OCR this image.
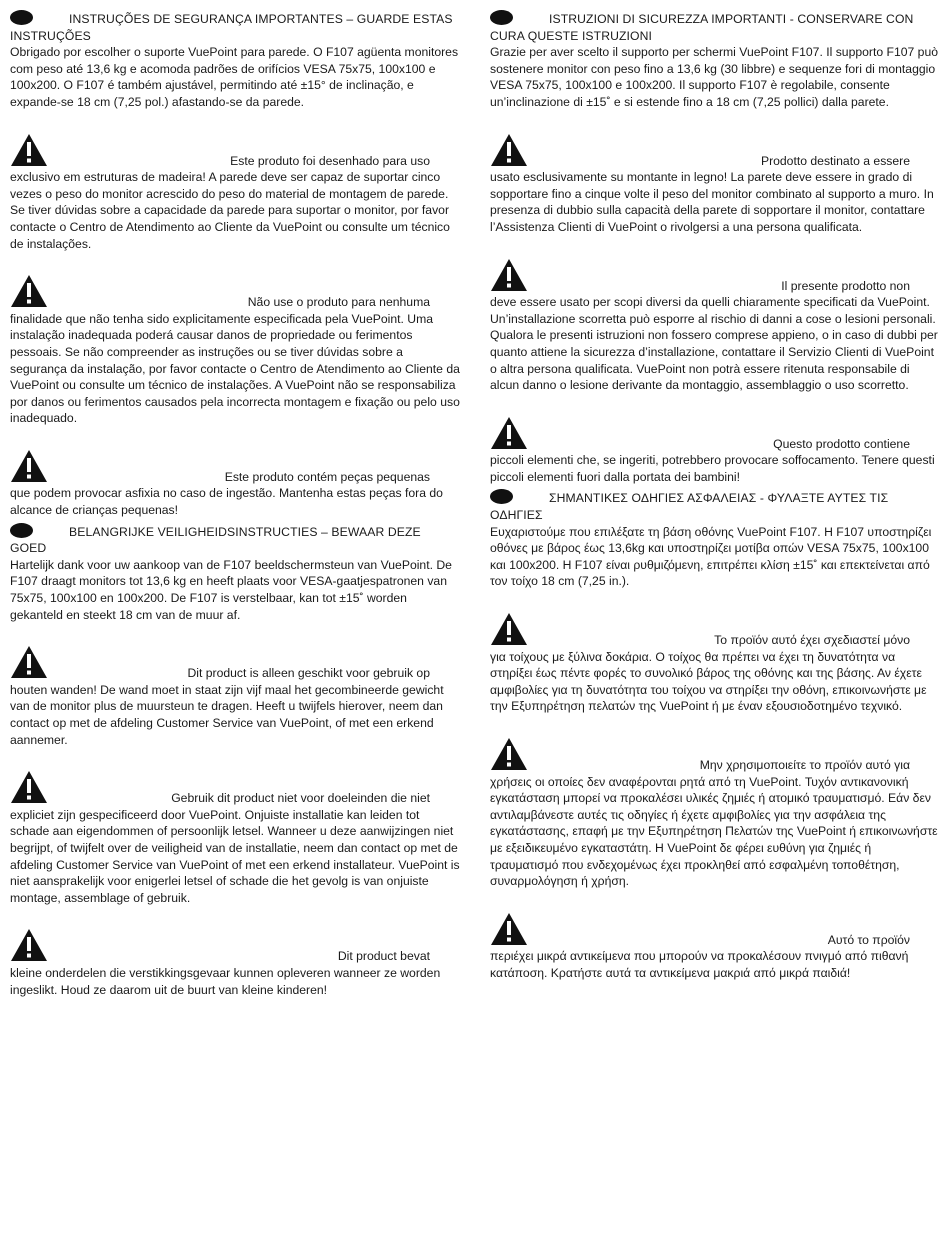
INSTRUÇÕES DE SEGURANÇA IMPORTANTES – GUARDE ESTAS INSTRUÇÕES

Obrigado por escolher o suporte VuePoint para parede. O F107 agüenta monitores com peso até 13,6 kg e acomoda padrões de orifícios VESA 75x75, 100x100 e 100x200. O F107 é também ajustável, permitindo até ±15° de inclinação, e expande-se 18 cm (7,25 pol.) afastando-se da parede.

Este produto foi desenhado para uso

exclusivo em estruturas de madeira! A parede deve ser capaz de suportar cinco vezes o peso do monitor acrescido do peso do material de montagem de parede. Se tiver dúvidas sobre a capacidade da parede para suportar o monitor, por favor contacte o Centro de Atendimento ao Cliente da VuePoint ou consulte um técnico de instalações.

Não use o produto para nenhuma

finalidade que não tenha sido explicitamente especificada pela VuePoint. Uma instalação inadequada poderá causar danos de propriedade ou ferimentos pessoais. Se não compreender as instruções ou se tiver dúvidas sobre a segurança da instalação, por favor contacte o Centro de Atendimento ao Cliente da VuePoint ou consulte um técnico de instalações. A VuePoint não se responsabiliza por danos ou ferimentos causados pela incorrecta montagem e fixação ou pelo uso inadequado.

Este produto contém peças pequenas

que podem provocar asfixia no caso de ingestão. Mantenha estas peças fora do alcance de crianças pequenas!

BELANGRIJKE VEILIGHEIDSINSTRUCTIES – BEWAAR DEZE GOED

Hartelijk dank voor uw aankoop van de F107 beeldschermsteun van VuePoint. De F107 draagt monitors tot 13,6 kg en heeft plaats voor VESA-gaatjespatronen van 75x75, 100x100 en 100x200. De F107 is verstelbaar, kan tot ±15˚ worden gekanteld en steekt 18 cm van de muur af.

Dit product is alleen geschikt voor gebruik op

houten wanden! De wand moet in staat zijn vijf maal het gecombineerde gewicht van de monitor plus de muursteun te dragen. Heeft u twijfels hierover, neem dan contact op met de afdeling Customer Service van VuePoint, of met een erkend aannemer.

Gebruik dit product niet voor doeleinden die niet

expliciet zijn gespecificeerd door VuePoint. Onjuiste installatie kan leiden tot schade aan eigendommen of persoonlijk letsel. Wanneer u deze aanwijzingen niet begrijpt, of twijfelt over de veiligheid van de installatie, neem dan contact op met de afdeling Customer Service van VuePoint of met een erkend installateur. VuePoint is niet aansprakelijk voor enigerlei letsel of schade die het gevolg is van onjuiste montage, assemblage of gebruik.

Dit product bevat

kleine onderdelen die verstikkingsgevaar kunnen opleveren wanneer ze worden ingeslikt. Houd ze daarom uit de buurt van kleine kinderen!

ISTRUZIONI DI SICUREZZA IMPORTANTI - CONSERVARE CON CURA QUESTE ISTRUZIONI

Grazie per aver scelto il supporto per schermi VuePoint F107. Il supporto F107 può sostenere monitor con peso fino a 13,6 kg (30 libbre) e sequenze fori di montaggio VESA 75x75, 100x100 e 100x200. Il supporto F107 è regolabile, consente un’inclinazione di ±15˚ e si estende fino a 18 cm (7,25 pollici) dalla parete.

Prodotto destinato a essere

usato esclusivamente su montante in legno! La parete deve essere in grado di sopportare fino a cinque volte il peso del monitor combinato al supporto a muro. In presenza di dubbio sulla capacità della parete di sopportare il monitor, contattare l’Assistenza Clienti di VuePoint o rivolgersi a una persona qualificata.

Il presente prodotto non

deve essere usato per scopi diversi da quelli chiaramente specificati da VuePoint. Un’installazione scorretta può esporre al rischio di danni a cose o lesioni personali. Qualora le presenti istruzioni non fossero comprese appieno, o in caso di dubbi per quanto attiene la sicurezza d’installazione, contattare il Servizio Clienti di VuePoint o altra persona qualificata. VuePoint non potrà essere ritenuta responsabile di alcun danno o lesione derivante da montaggio, assemblaggio o uso scorretto.

Questo prodotto contiene

piccoli elementi che, se ingeriti, potrebbero provocare soffocamento. Tenere questi piccoli elementi fuori dalla portata dei bambini!

ΣΗΜΑΝΤΙΚΕΣ ΟΔΗΓΙΕΣ ΑΣΦΑΛΕΙΑΣ - ΦΥΛΑΞΤΕ ΑΥΤΕΣ ΤΙΣ ΟΔΗΓΙΕΣ

Ευχαριστούμε που επιλέξατε τη βάση οθόνης VuePoint F107. Η F107 υποστηρίζει οθόνες με βάρος έως 13,6kg και υποστηρίζει μοτίβα οπών VESA 75x75, 100x100 και 100x200. Η F107 είναι ρυθμιζόμενη, επιτρέπει κλίση ±15˚ και επεκτείνεται από τον τοίχο 18 cm (7,25 in.).

Το προϊόν αυτό έχει σχεδιαστεί μόνο

για τοίχους με ξύλινα δοκάρια. Ο τοίχος θα πρέπει να έχει τη δυνατότητα να στηρίξει έως πέντε φορές το συνολικό βάρος της οθόνης και της βάσης. Αν έχετε αμφιβολίες για τη δυνατότητα του τοίχου να στηρίξει την οθόνη, επικοινωνήστε με την Εξυπηρέτηση πελατών της VuePoint ή με έναν εξουσιοδοτημένο τεχνικό.

Μην χρησιμοποιείτε το προϊόν αυτό για

χρήσεις οι οποίες δεν αναφέρονται ρητά από τη VuePoint. Τυχόν αντικανονική εγκατάσταση μπορεί να προκαλέσει υλικές ζημιές ή ατομικό τραυματισμό. Εάν δεν αντιλαμβάνεστε αυτές τις οδηγίες ή έχετε αμφιβολίες για την ασφάλεια της εγκατάστασης, επαφή με την Εξυπηρέτηση Πελατών της VuePoint ή επικοινωνήστε με εξειδικευμένο εγκαταστάτη. Η VuePoint δε φέρει ευθύνη για ζημιές ή τραυματισμό που ενδεχομένως έχει προκληθεί από εσφαλμένη τοποθέτηση, συναρμολόγηση ή χρήση.

Αυτό το προϊόν

περιέχει μικρά αντικείμενα που μπορούν να προκαλέσουν πνιγμό από πιθανή κατάποση. Κρατήστε αυτά τα αντικείμενα μακριά από μικρά παιδιά!
